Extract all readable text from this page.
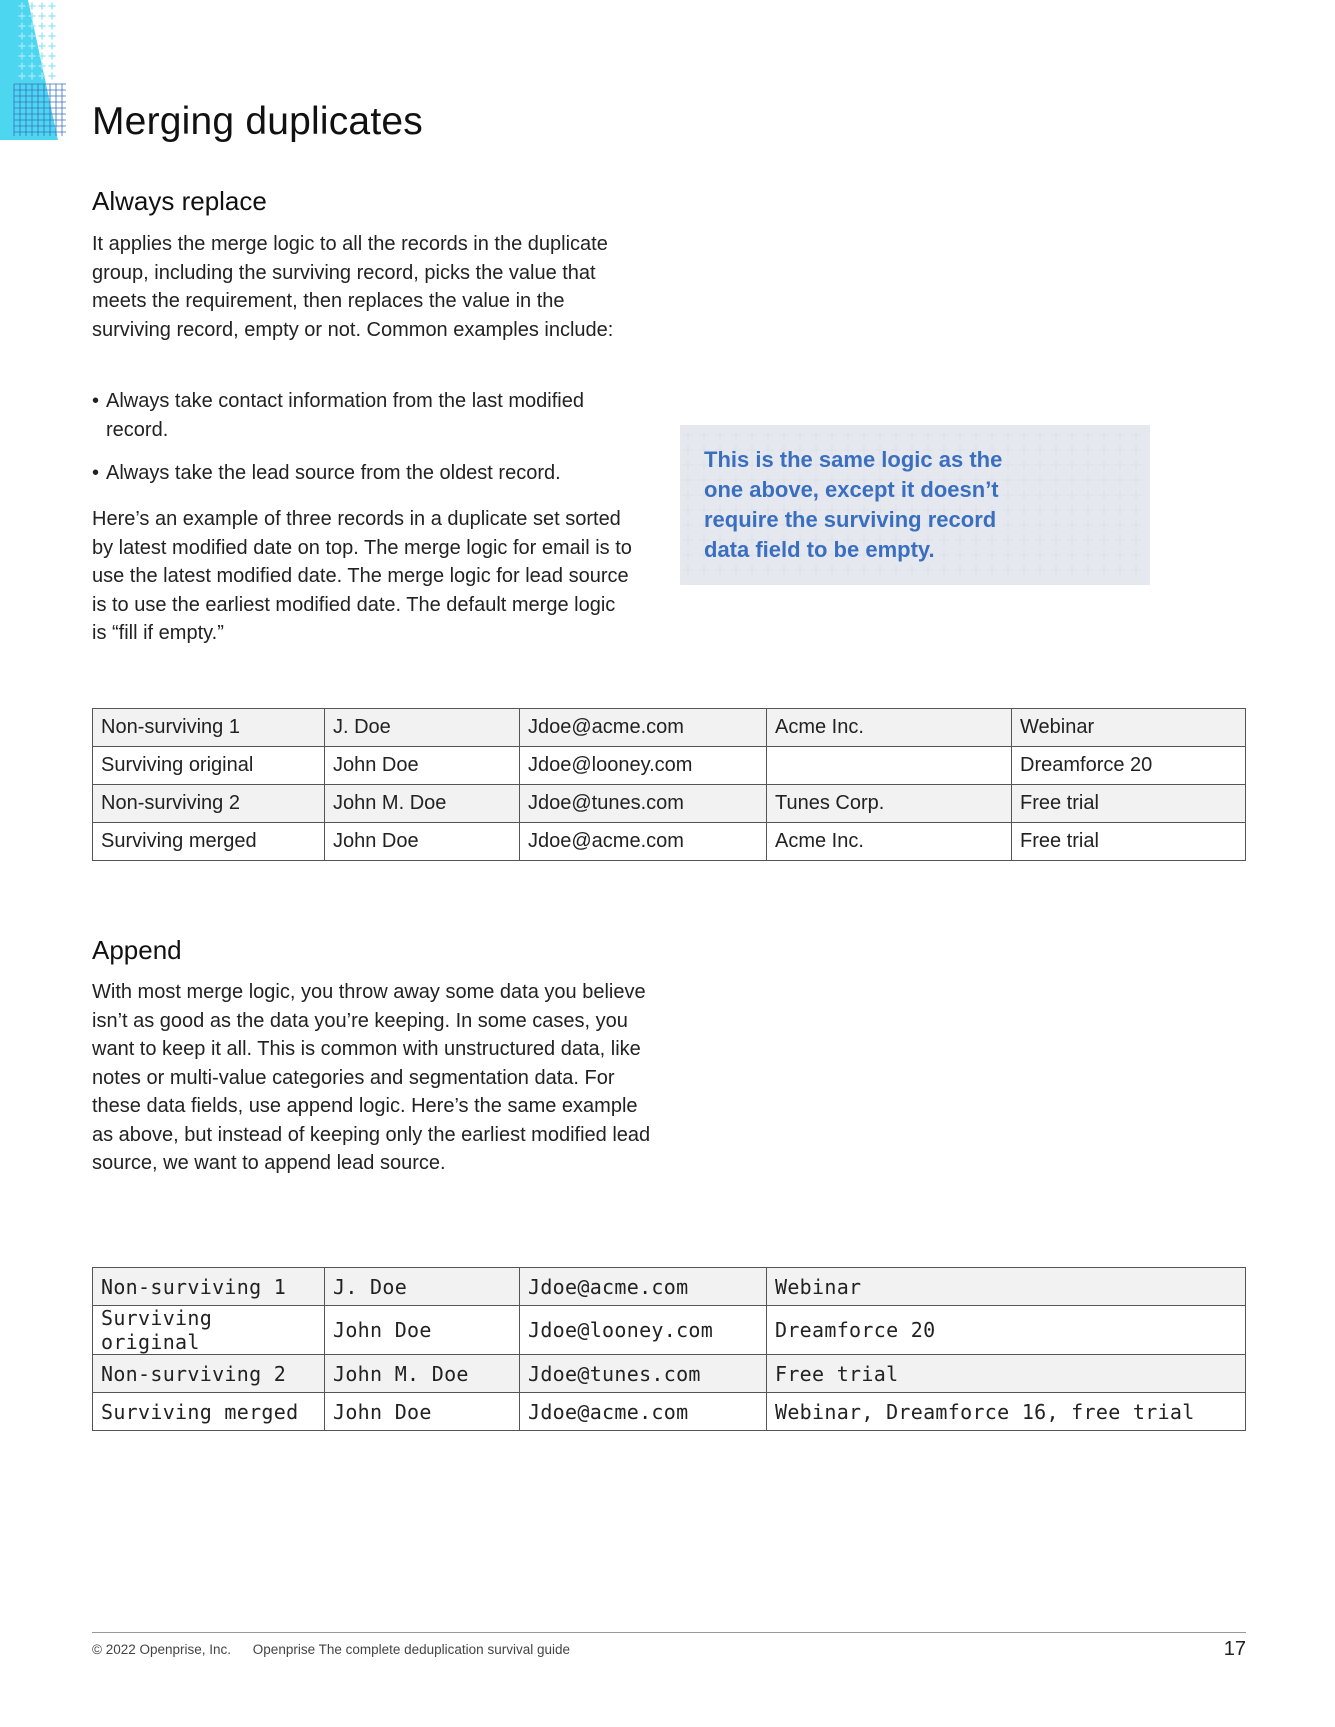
Merging duplicates
Always replace

It applies the merge logic to all the records in the duplicate group, including the surviving record, picks the value that meets the requirement, then replaces the value in the surviving record, empty or not. Common examples include:

• Always take contact information from the last modified record.
• Always take the lead source from the oldest record.

Here’s an example of three records in a duplicate set sorted by latest modified date on top. The merge logic for email is to use the latest modified date. The merge logic for lead source is to use the earliest modified date. The default merge logic is “fill if empty.”

This is the same logic as the one above, except it doesn’t require the surviving record data field to be empty.

Non-surviving 1	J. Doe	Jdoe@acme.com	Acme Inc.	Webinar
Surviving original	John Doe	Jdoe@looney.com		Dreamforce 20
Non-surviving 2	John M. Doe	Jdoe@tunes.com	Tunes Corp.	Free trial
Surviving merged	John Doe	Jdoe@acme.com	Acme Inc.	Free trial
Append

With most merge logic, you throw away some data you believe isn’t as good as the data you’re keeping. In some cases, you want to keep it all. This is common with unstructured data, like notes or multi-value categories and segmentation data. For these data fields, use append logic. Here’s the same example as above, but instead of keeping only the earliest modified lead source, we want to append lead source.

Non-surviving 1	J. Doe	Jdoe@acme.com	Webinar
Surviving original	John Doe	Jdoe@looney.com	Dreamforce 20
Non-surviving 2	John M. Doe	Jdoe@tunes.com	Free trial
Surviving merged	John Doe	Jdoe@acme.com	Webinar, Dreamforce 16, free trial
© 2022 Openprise, Inc. Openprise The complete deduplication survival guide	17
